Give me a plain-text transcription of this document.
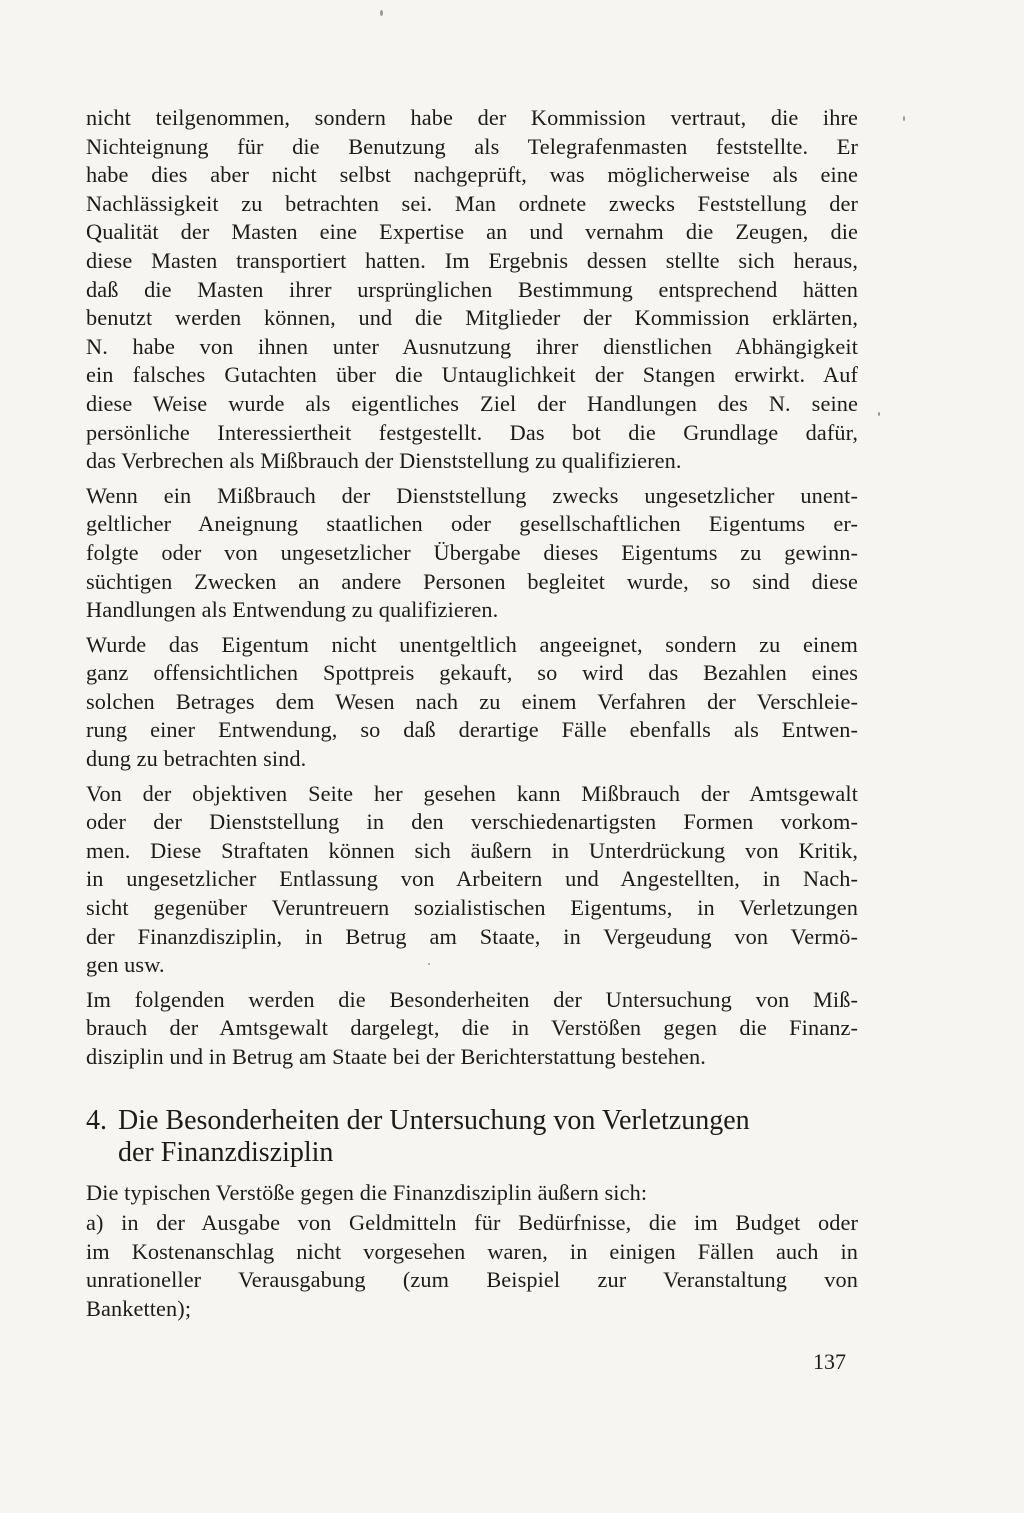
nicht teilgenommen, sondern habe der Kommission vertraut, die ihre
Nichteignung für die Benutzung als Telegrafenmasten feststellte. Er
habe dies aber nicht selbst nachgeprüft, was möglicherweise als eine
Nachlässigkeit zu betrachten sei. Man ordnete zwecks Feststellung der
Qualität der Masten eine Expertise an und vernahm die Zeugen, die
diese Masten transportiert hatten. Im Ergebnis dessen stellte sich heraus,
daß die Masten ihrer ursprünglichen Bestimmung entsprechend hätten
benutzt werden können, und die Mitglieder der Kommission erklärten,
N. habe von ihnen unter Ausnutzung ihrer dienstlichen Abhängigkeit
ein falsches Gutachten über die Untauglichkeit der Stangen erwirkt. Auf
diese Weise wurde als eigentliches Ziel der Handlungen des N. seine
persönliche Interessiertheit festgestellt. Das bot die Grundlage dafür,
das Verbrechen als Mißbrauch der Dienststellung zu qualifizieren.

Wenn ein Mißbrauch der Dienststellung zwecks ungesetzlicher unent-
geltlicher Aneignung staatlichen oder gesellschaftlichen Eigentums er-
folgte oder von ungesetzlicher Übergabe dieses Eigentums zu gewinn-
süchtigen Zwecken an andere Personen begleitet wurde, so sind diese
Handlungen als Entwendung zu qualifizieren.

Wurde das Eigentum nicht unentgeltlich angeeignet, sondern zu einem
ganz offensichtlichen Spottpreis gekauft, so wird das Bezahlen eines
solchen Betrages dem Wesen nach zu einem Verfahren der Verschleie-
rung einer Entwendung, so daß derartige Fälle ebenfalls als Entwen-
dung zu betrachten sind.

Von der objektiven Seite her gesehen kann Mißbrauch der Amtsgewalt
oder der Dienststellung in den verschiedenartigsten Formen vorkom-
men. Diese Straftaten können sich äußern in Unterdrückung von Kritik,
in ungesetzlicher Entlassung von Arbeitern und Angestellten, in Nach-
sicht gegenüber Veruntreuern sozialistischen Eigentums, in Verletzungen
der Finanzdisziplin, in Betrug am Staate, in Vergeudung von Vermö-
gen usw.

Im folgenden werden die Besonderheiten der Untersuchung von Miß-
brauch der Amtsgewalt dargelegt, die in Verstößen gegen die Finanz-
disziplin und in Betrug am Staate bei der Berichterstattung bestehen.

4. Die Besonderheiten der Untersuchung von Verletzungen
der Finanzdisziplin

Die typischen Verstöße gegen die Finanzdisziplin äußern sich:

a) in der Ausgabe von Geldmitteln für Bedürfnisse, die im Budget oder
im Kostenanschlag nicht vorgesehen waren, in einigen Fällen auch in
unrationeller Verausgabung (zum Beispiel zur Veranstaltung von
Banketten);

137
